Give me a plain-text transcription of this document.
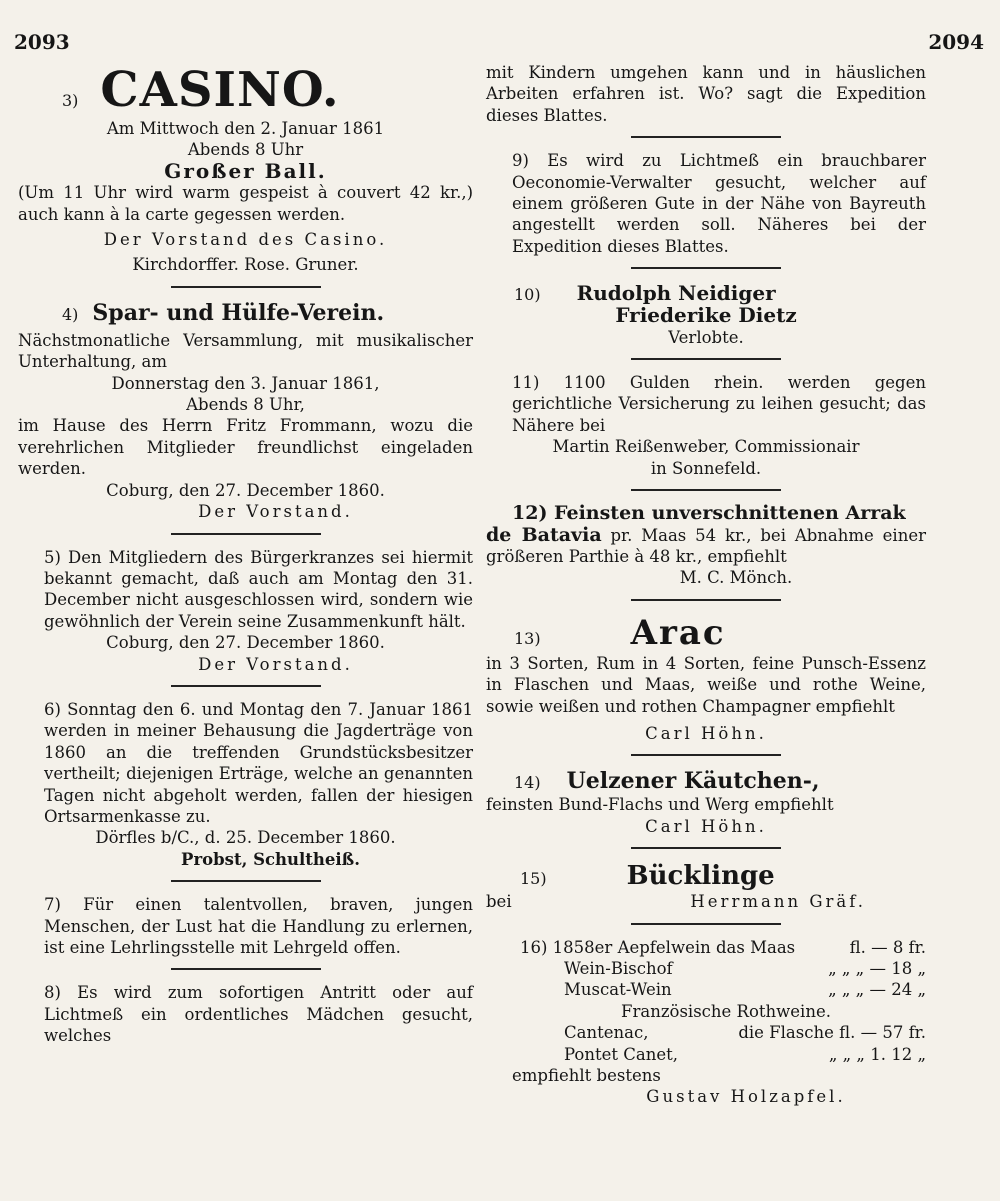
2093	2094
3) CASINO.

Am Mittwoch den 2. Januar 1861

Abends 8 Uhr

Großer Ball.

(Um 11 Uhr wird warm gespeist à couvert 42 kr.,) auch kann à la carte gegessen werden.

Der Vorstand des Casino.

Kirchdorffer. Rose. Gruner.

4) Spar- und Hülfe-Verein.

Nächstmonatliche Versammlung, mit musikalischer Unterhaltung, am

Donnerstag den 3. Januar 1861,

Abends 8 Uhr,

im Hause des Herrn Fritz Frommann, wozu die verehrlichen Mitglieder freundlichst eingeladen werden.

Coburg, den 27. December 1860.

Der Vorstand.

5) Den Mitgliedern des Bürgerkranzes sei hiermit bekannt gemacht, daß auch am Montag den 31. December nicht ausgeschlossen wird, sondern wie gewöhnlich der Verein seine Zusammenkunft hält.

Coburg, den 27. December 1860.

Der Vorstand.

6) Sonntag den 6. und Montag den 7. Januar 1861 werden in meiner Behausung die Jagderträge von 1860 an die treffenden Grundstücksbesitzer vertheilt; diejenigen Erträge, welche an genannten Tagen nicht abgeholt werden, fallen der hiesigen Ortsarmenkasse zu.

Dörfles b/C., d. 25. December 1860.

Probst, Schultheiß.

7) Für einen talentvollen, braven, jungen Menschen, der Lust hat die Handlung zu erlernen, ist eine Lehrlingsstelle mit Lehrgeld offen.

8) Es wird zum sofortigen Antritt oder auf Lichtmeß ein ordentliches Mädchen gesucht, welches

mit Kindern umgehen kann und in häuslichen Arbeiten erfahren ist. Wo? sagt die Expedition dieses Blattes.

9) Es wird zu Lichtmeß ein brauchbarer Oeconomie-Verwalter gesucht, welcher auf einem größeren Gute in der Nähe von Bayreuth angestellt werden soll. Näheres bei der Expedition dieses Blattes.

10) Rudolph Neidiger

Friederike Dietz

Verlobte.

11) 1100 Gulden rhein. werden gegen gerichtliche Versicherung zu leihen gesucht; das Nähere bei

Martin Reißenweber, Commissionair

in Sonnefeld.

12) Feinsten unverschnittenen Arrak

de Batavia pr. Maas 54 kr., bei Abnahme einer größeren Parthie à 48 kr., empfiehlt

M. C. Mönch.

13)	Arac

in 3 Sorten, Rum in 4 Sorten, feine Punsch-Essenz in Flaschen und Maas, weiße und rothe Weine, sowie weißen und rothen Champagner empfiehlt

Carl Höhn.

14) Uelzener Käutchen-,

feinsten Bund-Flachs und Werg empfiehlt

Carl Höhn.

15)	Bücklinge
bei	Herrmann Gräf.
16) 1858er Aepfelwein das Maas	fl. — 8 fr.
Wein-Bischof	„ „ „ — 18 „
Muscat-Wein	„ „ „ — 24 „

Französische Rothweine.

Cantenac,	die Flasche fl. — 57 fr.
Pontet Canet,	„ „ „ 1. 12 „

empfiehlt bestens

Gustav Holzapfel.
